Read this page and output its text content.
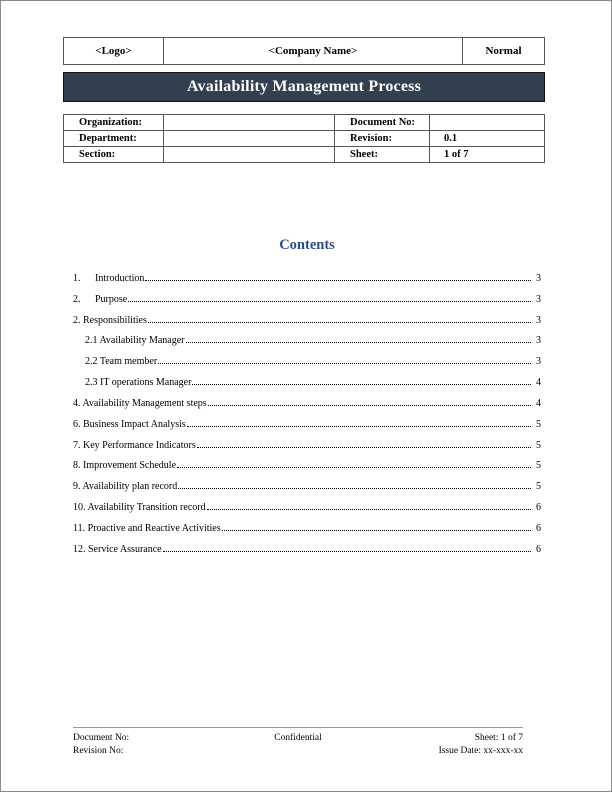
<Logo>	<Company Name>	Normal
Availability Management Process
Organization:		Document No:	
Department:		Revision:	0.1
Section:		Sheet:	1 of 7
Contents
1.	Introduction	3
2.	Purpose	3
2. Responsibilities	3
2.1 Availability Manager	3
2.2 Team member	3
2.3 IT operations Manager	4
4. Availability Management steps	4
6. Business Impact Analysis	5
7. Key Performance Indicators	5
8. Improvement Schedule	5
9. Availability plan record	5
10. Availability Transition record	6
11. Proactive and Reactive Activities	6
12. Service Assurance	6
Document No:	Confidential	Sheet: 1 of 7
Revision No:	Issue Date: xx-xxx-xx
